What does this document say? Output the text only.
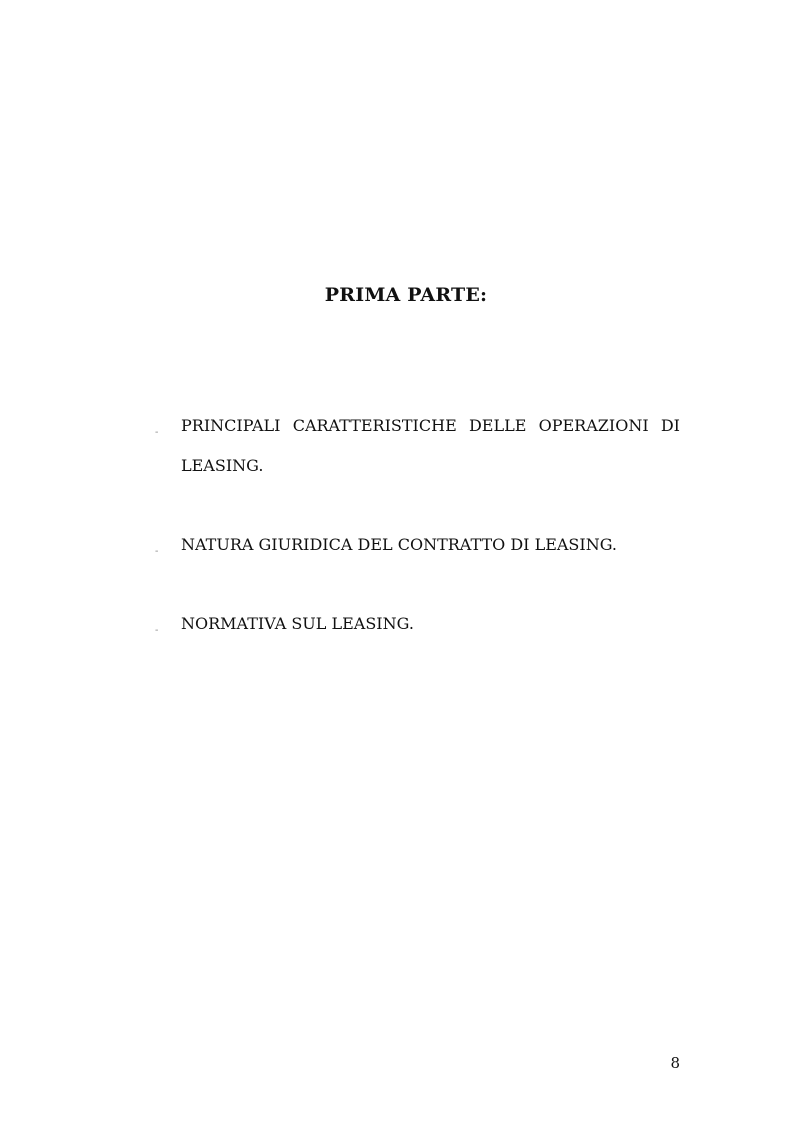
PRIMA PARTE:
- PRINCIPALI CARATTERISTICHE DELLE OPERAZIONI DI
LEASING.
- NATURA GIURIDICA DEL CONTRATTO DI LEASING.
- NORMATIVA SUL LEASING.
8
